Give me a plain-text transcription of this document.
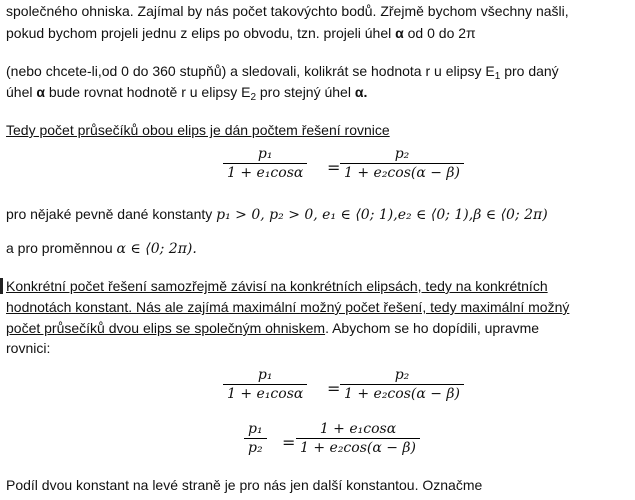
společného ohniska. Zajímal by nás počet takovýchto bodů. Zřejmě bychom všechny našli,
pokud bychom projeli jednu z elips po obvodu, tzn. projeli úhel α od 0 do 2π
(nebo chcete-li,od 0 do 360 stupňů) a sledovali, kolikrát se hodnota r u elipsy $E_1$ pro daný
úhel α bude rovnat hodnotě r u elipsy $E_2$ pro stejný úhel α.
Tedy počet průsečíků obou elips je dán počtem řešení rovnice
p₁
1 + e₁cosα =
p₂
1 + e₂cos(α − β)
pro nějaké pevně dané konstanty p₁ > 0, p₂ > 0, e₁ ∈ ⟨0; 1),e₂ ∈ ⟨0; 1),β ∈ ⟨0; 2π)
a pro proměnnou α ∈ ⟨0; 2π).
Konkrétní počet řešení samozřejmě závisí na konkrétních elipsách, tedy na konkrétních
hodnotách konstant. Nás ale zajímá maximální možný počet řešení, tedy maximální možný
počet průsečíků dvou elips se společným ohniskem. Abychom se ho dopídili, upravme
rovnici:
p₁
1 + e₁cosα =
p₂
1 + e₂cos(α − β)
p₁
p₂ =
1 + e₁cosα
1 + e₂cos(α − β)
Podíl dvou konstant na levé straně je pro nás jen další konstantou. Označme
